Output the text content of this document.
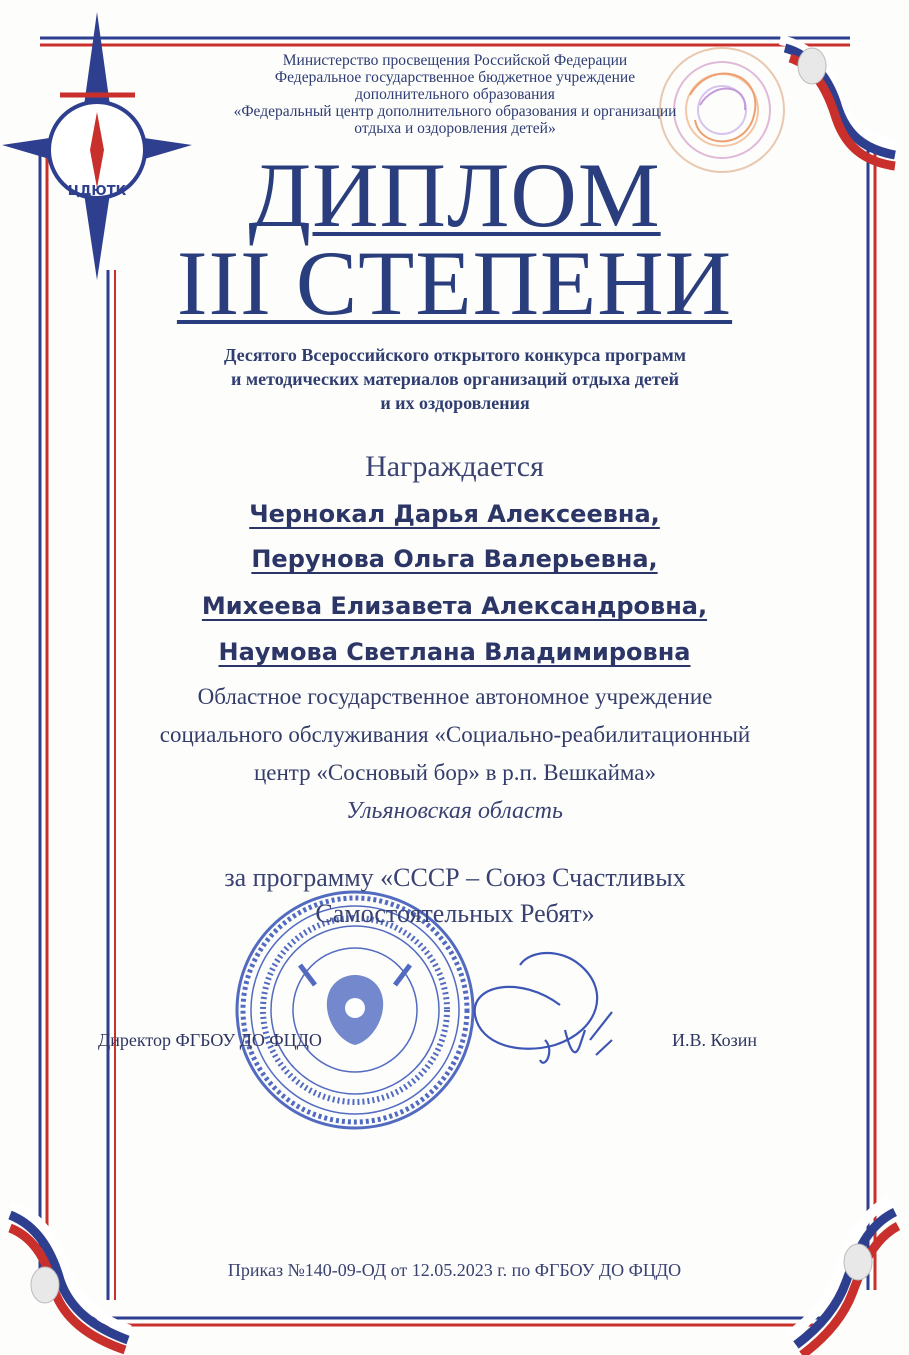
ЦДЮТК
Министерство просвещения Российской Федерации
Федеральное государственное бюджетное учреждение
дополнительного образования
«Федеральный центр дополнительного образования и организации
отдыха и оздоровления детей»
ДИПЛОМ
III СТЕПЕНИ
Десятого Всероссийского открытого конкурса программ
и методических материалов организаций отдыха детей
и их оздоровления
Награждается
Чернокал Дарья Алексеевна,
Перунова Ольга Валерьевна,
Михеева Елизавета Александровна,
Наумова Светлана Владимировна
Областное государственное автономное учреждение
социального обслуживания «Социально-реабилитационный
центр «Сосновый бор» в р.п. Вешкайма»
Ульяновская область
за программу «СССР – Союз Счастливых
Самостоятельных Ребят»
Директор ФГБОУ ДО ФЦДО	И.В. Козин
Приказ №140-09-ОД от 12.05.2023 г. по ФГБОУ ДО ФЦДО
